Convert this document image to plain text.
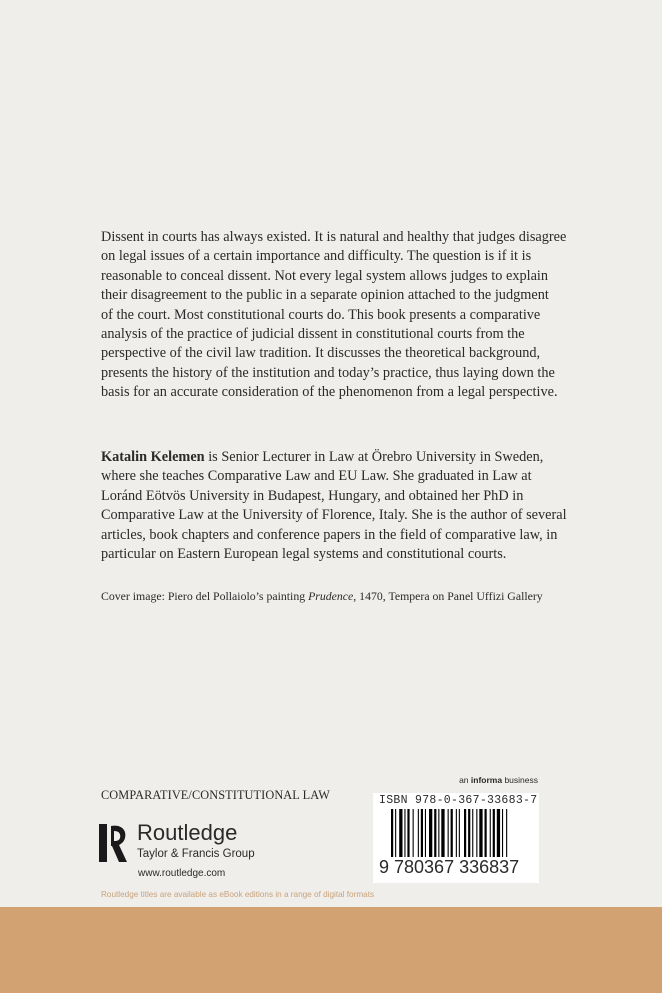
Dissent in courts has always existed. It is natural and healthy that judges disagree
on legal issues of a certain importance and difficulty. The question is if it is
reasonable to conceal dissent. Not every legal system allows judges to explain
their disagreement to the public in a separate opinion attached to the judgment
of the court. Most constitutional courts do. This book presents a comparative
analysis of the practice of judicial dissent in constitutional courts from the
perspective of the civil law tradition. It discusses the theoretical background,
presents the history of the institution and today’s practice, thus laying down the
basis for an accurate consideration of the phenomenon from a legal perspective.
Katalin Kelemen is Senior Lecturer in Law at Örebro University in Sweden,
where she teaches Comparative Law and EU Law. She graduated in Law at
Loránd Eötvös University in Budapest, Hungary, and obtained her PhD in
Comparative Law at the University of Florence, Italy. She is the author of several
articles, book chapters and conference papers in the field of comparative law, in
particular on Eastern European legal systems and constitutional courts.
Cover image: Piero del Pollaiolo’s painting Prudence, 1470, Tempera on Panel Uffizi Gallery
COMPARATIVE/CONSTITUTIONAL LAW
an informa business
Routledge
Taylor & Francis Group
www.routledge.com
ISBN 978-0-367-33683-7
9 780367 336837
Routledge titles are available as eBook editions in a range of digital formats
